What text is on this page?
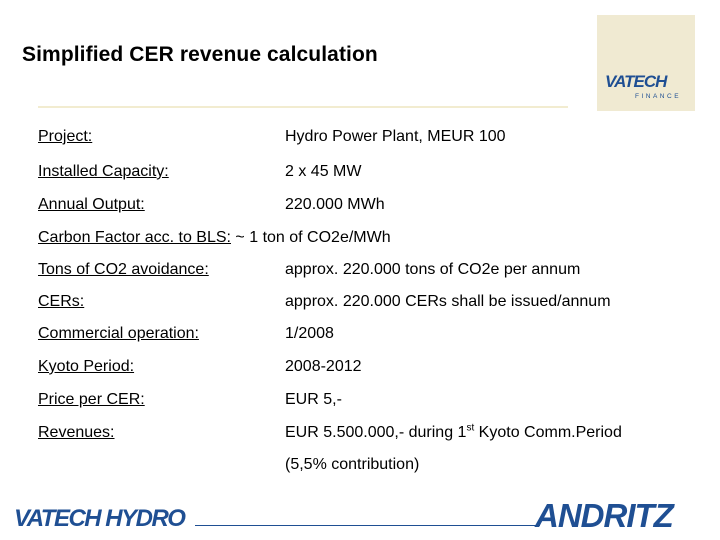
Simplified CER revenue calculation
VATECH
FINANCE
Project:	Hydro Power Plant, MEUR 100
Installed Capacity:	2 x 45 MW
Annual Output:	220.000 MWh
Carbon Factor acc. to BLS: ~ 1 ton of CO2e/MWh
Tons of CO2 avoidance:	approx. 220.000 tons of CO2e per annum
CERs:	approx. 220.000 CERs shall be issued/annum
Commercial operation:	1/2008
Kyoto Period:	2008-2012
Price per CER:	EUR 5,-
Revenues:	EUR 5.500.000,- during 1st Kyoto Comm.Period
(5,5% contribution)
VATECH HYDRO	ANDRITZ
